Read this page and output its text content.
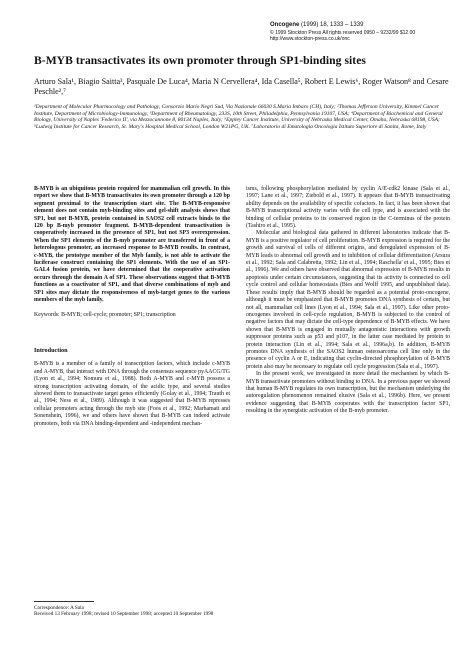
Oncogene (1999) 18, 1333 – 1339
© 1999 Stockton Press All rights reserved 0950 – 9232/99 $12.00
http://www.stockton-press.co.uk/onc
B-MYB transactivates its own promoter through SP1-binding sites
Arturo Sala¹, Biagio Saitta³, Pasquale De Luca⁴, Maria N Cervellera⁴, Ida Casella⁵, Robert E Lewis⁶, Roger Watson⁸ and Cesare Peschle²,⁷
¹Department of Molecular Pharmacology and Pathology, Consorzio Mario Negri Sud, Via Nazionale 66030 S.Maria Imbaro (CH), Italy; ²Thomas Jefferson University, Kimmel Cancer Institute, Department of Microbiology-Immunology, ³Department of Rheumatology, 233S, 10th Street, Philadelphia, Pennsylvania 19107, USA; ⁴Department of Biochemical and General Biology, University of Naples 'Federico II', via Mezzocannone 8, 80134 Naples, Italy; ⁵Eppley Cancer Institute, University of Nebraska Medical Center, Omaha, Nebraska 68198, USA; ⁶Ludwig Institute for Cancer Research, St. Mary's Hospital Medical School, London W21PG, UK. ⁷Laboratorio di Ematologia Oncologia Istituto Superiore di Sanita, Rome, Italy

B-MYB is an ubiquitous protein required for mammalian cell growth. In this report we show that B-MYB transactivates its own promoter through a 120 bp segment proximal to the transcription start site. The B-MYB-responsive element does not contain myb-binding sites and gel-shift analysis shows that SP1, but not B-MYB, protein contained in SAOS2 cell extracts binds to the 120 bp B-myb promoter fragment. B-MYB-dependent transactivation is cooperatively increased in the presence of SP1, but not SP3 overexpression. When the SP1 elements of the B-myb promoter are transferred in front of a heterologous promoter, an increased response to B-MYB results. In contrast, c-MYB, the prototype member of the Myb family, is not able to activate the luciferase construct containing the SP1 elements. With the use of an SP1-GAL4 fusion protein, we have determined that the cooperative activation occurs through the domain A of SP1. These observations suggest that B-MYB functions as a coactivator of SP1, and that diverse combinations of myb and SP1 sites may dictate the responsiveness of myb-target genes to the various members of the myb family.

Keywords: B-MYB; cell-cycle; promoter; SP1; transcription

Introduction

B-MYB is a member of a family of transcription factors, which include c-MYB and A-MYB, that interact with DNA through the consensus sequence pyAACG/TG (Lyon et al., 1994; Nomura et al., 1988). Both A-MYB and c-MYB possess a strong transcription activating domain, of the acidic type, and several studies showed them to transactivate target genes efficiently (Golay et al., 1994; Trauth et al., 1994; Ness et al., 1989). Although it was suggested that B-MYB represses cellular promoters acting through the myb site (Foos et al., 1992; Marhamati and Sonenshein, 1996), we and others have shown that B-MYB can indeed activate promoters, both via DNA binding-dependent and -independent mechan-

isms, following phosphorylation mediated by cyclin A/E-cdk2 kinase (Sala et al., 1997; Lane et al., 1997; Ziebold et al., 1997). It appears that B-MYB transactivating ability depends on the availability of specific cofactors. In fact, it has been shown that B-MYB transcriptional activity varies with the cell type, and is associated with the binding of cellular proteins to its conserved region in the C-terminus of the protein (Tashiro et al., 1995).

Molecular and biological data gathered in different laboratories indicate that B-MYB is a positive regulator of cell proliferation. B-MYB expression is required for the growth and survival of cells of different origins, and deregulated expression of B-MYB leads to abnormal cell growth and to inhibition of cellular differentiation (Arsura et al., 1992; Sala and Calabretta, 1992; Lin et al., 1994; Raschella' et al., 1995; Bies et al., 1996). We and others have observed that abnormal expression of B-MYB results in apoptosis under certain circumstances, suggesting that its activity is connected to cell cycle control and cellular homeostasis (Bies and Wolff 1995, and unpublished data). These results imply that B-MYB should be regarded as a potential proto-oncogene, although it must be emphasized that B-MYB promotes DNA synthesis of certain, but not all, mammalian cell lines (Lyon et al., 1994; Sala et al., 1997). Like other proto-oncogenes involved in cell-cycle regulation, B-MYB is subjected to the control of negative factors that may dictate the cell-type dependence of B-MYB effects. We have shown that B-MYB is engaged in mutually antagonistic interactions with growth suppressor proteins such as p53 and p107, in the latter case mediated by protein to protein interaction (Lin et al., 1994; Sala et al., 1996a,b). In addition, B-MYB promotes DNA synthesis of the SAOS2 human osteosarcoma cell line only in the presence of cyclin A or E, indicating that cyclin-directed phosphorylation of B-MYB protein also may be necessary to regulate cell cycle progression (Sala et al., 1997).

In the present work, we investigated in more detail the mechanism by which B-MYB transactivate promoters without binding to DNA. In a previous paper we showed that human B-MYB regulates its own transcription, but the mechanism underlying the autoregulation phenomenon remained elusive (Sala et al., 1996b). Here, we present evidence suggesting that B-MYB cooperates with the transcription factor SP1, resulting in the synergistic activation of the B-myb promoter.

Correspondence: A Sala
Received 13 February 1998; revised 10 September 1998; accepted 10 September 1998
